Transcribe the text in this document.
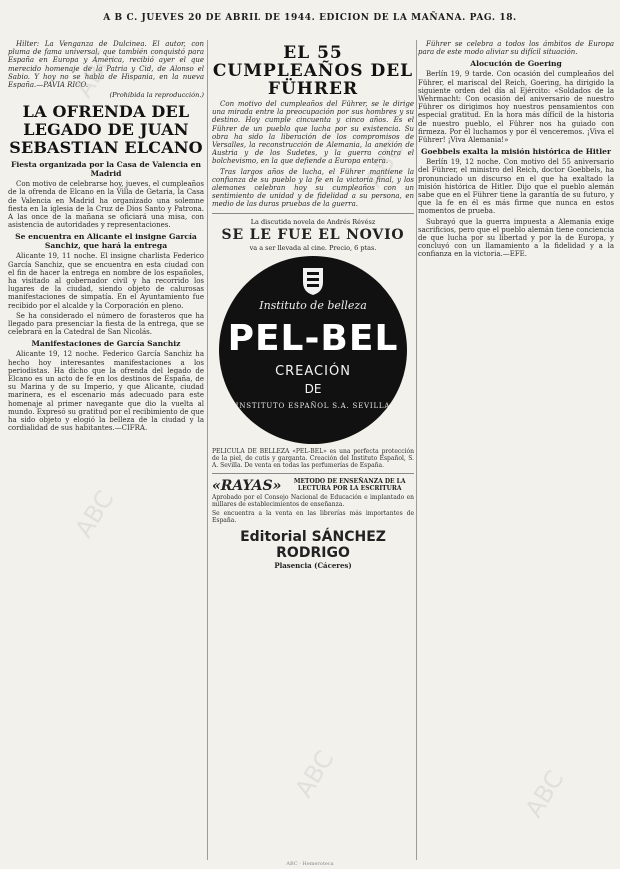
A B C. JUEVES 20 DE ABRIL DE 1944. EDICION DE LA MAÑANA. PAG. 18.

Hilter: La Venganza de Dulcinea. El autor, con pluma de fama universal, que también conquistó para España en Europa y América, recibió ayer el que merecido homenaje de la Patria y Cid, de Alonso el Sabio. Y hoy no se habla de Hispania, en la nueva España.—PAVIA RICO.

(Prohibida la reproducción.)
LA OFRENDA DEL LEGADO DE JUAN SEBASTIAN ELCANO
Fiesta organizada por la Casa de Valencia en Madrid

Con motivo de celebrarse hoy, jueves, el cumpleaños de la ofrenda de Elcano en la Villa de Getaria, la Casa de Valencia en Madrid ha organizado una solemne fiesta en la iglesia de la Cruz de Dios Santo y Patrona. A las once de la mañana se oficiará una misa, con asistencia de autoridades y representaciones.

Se encuentra en Alicante el insigne García Sanchiz, que hará la entrega

Alicante 19, 11 noche. El insigne charlista Federico García Sanchiz, que se encuentra en esta ciudad con el fin de hacer la entrega en nombre de los españoles, ha visitado al gobernador civil y ha recorrido los lugares de la ciudad, siendo objeto de calurosas manifestaciones de simpatía. En el Ayuntamiento fue recibido por el alcalde y la Corporación en pleno.

Se ha considerado el número de forasteros que ha llegado para presenciar la fiesta de la entrega, que se celebrará en la Catedral de San Nicolás.

Manifestaciones de García Sanchiz

Alicante 19, 12 noche. Federico García Sanchiz ha hecho hoy interesantes manifestaciones a los periodistas. Ha dicho que la ofrenda del legado de Elcano es un acto de fe en los destinos de España, de su Marina y de su Imperio, y que Alicante, ciudad marinera, es el escenario más adecuado para este homenaje al primer navegante que dio la vuelta al mundo. Expresó su gratitud por el recibimiento de que ha sido objeto y elogió la belleza de la ciudad y la cordialidad de sus habitantes.—CIFRA.

EL 55 CUMPLEAÑOS DEL FÜHRER

Con motivo del cumpleaños del Führer, se le dirige una mirada entre la preocupación por sus hombres y su destino. Hoy cumple cincuenta y cinco años. Es el Führer de un pueblo que lucha por su existencia. Su obra ha sido la liberación de los compromisos de Versalles, la reconstrucción de Alemania, la anexión de Austria y de los Sudetes, y la guerra contra el bolchevismo, en la que defiende a Europa entera.

Tras largos años de lucha, el Führer mantiene la confianza de su pueblo y la fe en la victoria final, y los alemanes celebran hoy su cumpleaños con un sentimiento de unidad y de fidelidad a su persona, en medio de las duras pruebas de la guerra.

La discutida novela de Andrés Révész
SE LE FUE EL NOVIO
va a ser llevada al cine. Precio, 6 ptas.
Instituto de belleza
PEL-BEL
CREACIÓN
DE
INSTITUTO ESPAÑOL S.A. SEVILLA

PELICULA DE BELLEZA «PEL-BEL» es una perfecta protección de la piel, de cutis y garganta. Creación del Instituto Español, S. A. Sevilla. De venta en todas las perfumerías de España.

«RAYAS»	METODO DE ENSEÑANZA DE LA LECTURA POR LA ESCRITURA

Aprobado por el Consejo Nacional de Educación e implantado en millares de establecimientos de enseñanza.

Se encuentra a la venta en las librerías más importantes de España.

Editorial SÁNCHEZ RODRIGO
Plasencia (Cáceres)

Führer se celebra a todos los ámbitos de Europa para de este modo aliviar su difícil situación.

Alocución de Goering

Berlín 19, 9 tarde. Con ocasión del cumpleaños del Führer, el mariscal del Reich, Goering, ha dirigido la siguiente orden del día al Ejército: «Soldados de la Wehrmacht: Con ocasión del aniversario de nuestro Führer os dirigimos hoy nuestros pensamientos con especial gratitud. En la hora más difícil de la historia de nuestro pueblo, el Führer nos ha guiado con firmeza. Por él luchamos y por él venceremos. ¡Viva el Führer! ¡Viva Alemania!»

Goebbels exalta la misión histórica de Hitler

Berlín 19, 12 noche. Con motivo del 55 aniversario del Führer, el ministro del Reich, doctor Goebbels, ha pronunciado un discurso en el que ha exaltado la misión histórica de Hitler. Dijo que el pueblo alemán sabe que en el Führer tiene la garantía de su futuro, y que la fe en él es más firme que nunca en estos momentos de prueba.

Subrayó que la guerra impuesta a Alemania exige sacrificios, pero que el pueblo alemán tiene conciencia de que lucha por su libertad y por la de Europa, y concluyó con un llamamiento a la fidelidad y a la confianza en la victoria.—EFE.

ABC
ABC
ABC
ABC	ABC
ABC · Hemeroteca
